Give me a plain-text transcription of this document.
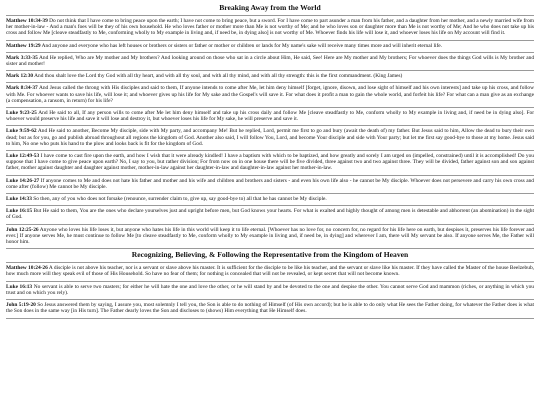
Breaking Away from the World

Matthew 10:34-39 Do not think that I have come to bring peace upon the earth; I have not come to bring peace, but a sword. For I have come to part asunder a man from his father, and a daughter from her mother, and a newly married wife from her mother-in-law - And a man's foes will be they of his own household. He who loves father or mother more than Me is not worthy of Me; and he who loves son or daughter more than Me is not worthy of Me; And he who does not take up his cross and follow Me [cleave steadfastly to Me, conforming wholly to My example in living and, if need be, in dying also] is not worthy of Me. Whoever finds his life will lose it, and whoever loses his life on My account will find it.

Matthew 19:29 And anyone and everyone who has left houses or brothers or sisters or father or mother or children or lands for My name's sake will receive many times more and will inherit eternal life.

Mark 3:33-35 And He replied, Who are My mother and My brothers? And looking around on those who sat in a circle about Him, He said, See! Here are My mother and My brothers; For whoever does the things God wills is My brother and sister and mother!

Mark 12:30 And thou shalt love the Lord thy God with all thy heart, and with all thy soul, and with all thy mind, and with all thy strength: this is the first commandment. (King James)

Mark 8:34-37 And Jesus called the throng with His disciples and said to them, If anyone intends to come after Me, let him deny himself [forget, ignore, disown, and lose sight of himself and his own interests] and take up his cross, and follow with Me. For whoever wants to save his life, will lose it; and whoever gives up his life for My sake and the Gospel's will save it. For what does it profit a man to gain the whole world, and forfeit his life? For what can a man give as an exchange (a compensation, a ransom, in return) for his life?

Luke 9:23-25 And He said to all, If any person wills to come after Me let him deny himself and take up his cross daily and follow Me [cleave steadfastly to Me, conform wholly to My example in living and, if need be in dying also]. For whoever would preserve his life and save it will lose and destroy it, but whoever loses his life for My sake, he will preserve and save it.

Luke 9:59-62 And He said to another, Become My disciple, side with My party, and accompany Me! But he replied, Lord, permit me first to go and bury (await the death of) my father. But Jesus said to him, Allow the dead to bury their own dead; but as for you, go and publish abroad throughout all regions the kingdom of God. Another also said, I will follow You, Lord, and become Your disciple and side with Your party; but let me first say good-bye to those at my home. Jesus said to him, No one who puts his hand to the plow and looks back is fit for the kingdom of God.

Luke 12:49-53 I have come to cast fire upon the earth, and how I wish that it were already kindled! I have a baptism with which to be baptized, and how greatly and sorely I am urged on (impelled, constrained) until it is accomplished! Do you suppose that I have come to give peace upon earth? No, I say to you, but rather division; For from now on in one house there will be five divided, three against two and two against three. They will be divided, father against son and son against father, mother against daughter and daughter against mother, mother-in-law against her daughter-in-law and daughter-in-law against her mother-in-law.

Luke 14:26-27 If anyone comes to Me and does not hate his father and mother and his wife and children and brothers and sisters - and even his own life also - he cannot be My disciple. Whoever does not persevere and carry his own cross and come after (follow) Me cannot be My disciple.

Luke 14:33 So then, any of you who does not forsake (renounce, surrender claim to, give up, say good-bye to) all that he has cannot be My disciple.

Luke 16:15 But He said to them, You are the ones who declare yourselves just and upright before men, but God knows your hearts. For what is exalted and highly thought of among men is detestable and abhorrent (an abomination) in the sight of God.

John 12:25-26 Anyone who loves his life loses it, but anyone who hates his life in this world will keep it to life eternal. [Whoever has no love for, no concern for, no regard for his life here on earth, but despises it, preserves his life forever and ever.] If anyone serves Me, he must continue to follow Me [to cleave steadfastly to Me, conform wholly to My example in living and, if need be, in dying] and wherever I am, there will My servant be also. If anyone serves Me, the Father will honor him.

Recognizing, Believing, & Following the Representative from the Kingdom of Heaven

Matthew 10:24-26 A disciple is not above his teacher, nor is a servant or slave above his master. It is sufficient for the disciple to be like his teacher, and the servant or slave like his master. If they have called the Master of the house Beelzebub, how much more will they speak evil of those of His Household. So have no fear of them; for nothing is concealed that will not be revealed, or kept secret that will not become known.

Luke 16:13 No servant is able to serve two masters; for either he will hate the one and love the other, or he will stand by and be devoted to the one and despise the other. You cannot serve God and mammon (riches, or anything in which you trust and on which you rely).

John 5:19-20 So Jesus answered them by saying, I assure you, most solemnly I tell you, the Son is able to do nothing of Himself (of His own accord); but he is able to do only what He sees the Father doing, for whatever the Father does is what the Son does in the same way [in His turn]. The Father dearly loves the Son and discloses to (shows) Him everything that He Himself does.
